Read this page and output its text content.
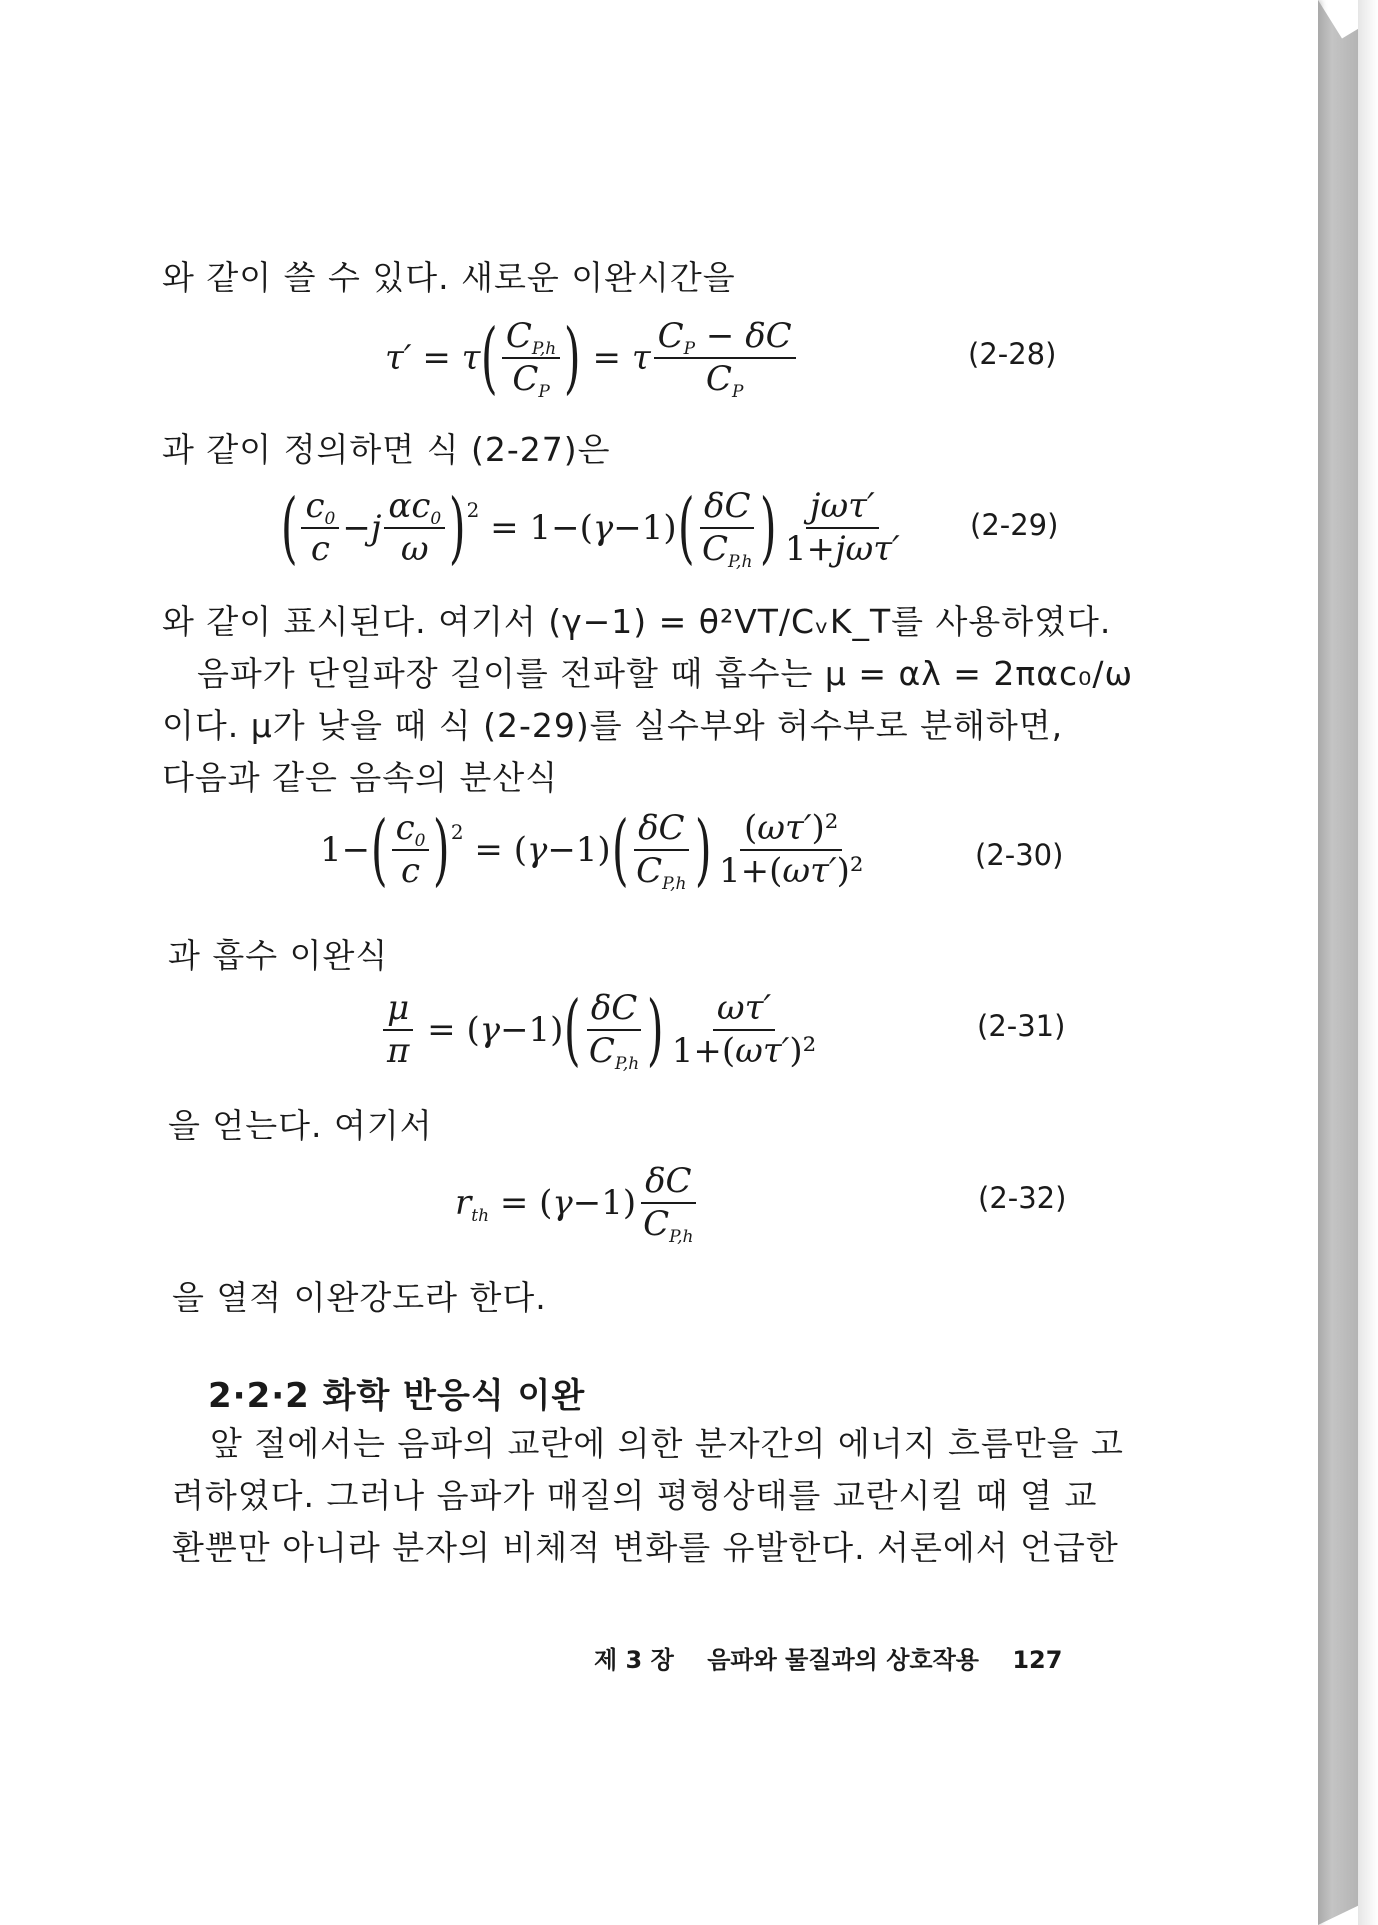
와 같이 쓸 수 있다. 새로운 이완시간을
τ′ = τ ( $\frac{C_{P,h}}{C_P}$ ) = τ $\frac{C_P - \delta C}{C_P}$	(2-28)
과 같이 정의하면 식 (2-27)은
( $\frac{c_0}{c} - j \frac{\alpha c_0}{\omega}$ ) 2 = 1−( γ −1) ( $\frac{\delta C}{C_{P,h}}$ ) $\frac{\text{jωτ′}}{\text{1+jωτ′}} (2-29)$
와 같이 표시된다. 여기서 (γ−1) = θ²VT/CᵥK_T를 사용하였다.
음파가 단일파장 길이를 전파할 때 흡수는 μ = αλ = 2παc₀/ω
이다. μ가 낮을 때 식 (2-29)를 실수부와 허수부로 분해하면,
다음과 같은 음속의 분산식
1− ( $\frac{c_0}{c}$ ) 2 = ( γ −1) ( $\frac{\delta C}{C_{P,h}}$ ) $\frac{\text{(ωτ′)²}}{\text{1+(ωτ′)²}}$	(2-30)
과 흡수 이완식
$\frac{\mu}{\pi}$ = ( γ −1) ( $\frac{\delta C}{C_{P,h}}$ ) $\frac{\omega\tau'}{\text{1+(ωτ′)²}}$	(2-31)
을 얻는다. 여기서
$r_{th}$ = ( $\gamma -1) \frac{\delta C}{C_{P,h}}$	(2-32)
을 열적 이완강도라 한다.
2·2·2 화학 반응식 이완
앞 절에서는 음파의 교란에 의한 분자간의 에너지 흐름만을 고
려하였다. 그러나 음파가 매질의 평형상태를 교란시킬 때 열 교
환뿐만 아니라 분자의 비체적 변화를 유발한다. 서론에서 언급한
제 3 장 음파와 물질과의 상호작용 127
